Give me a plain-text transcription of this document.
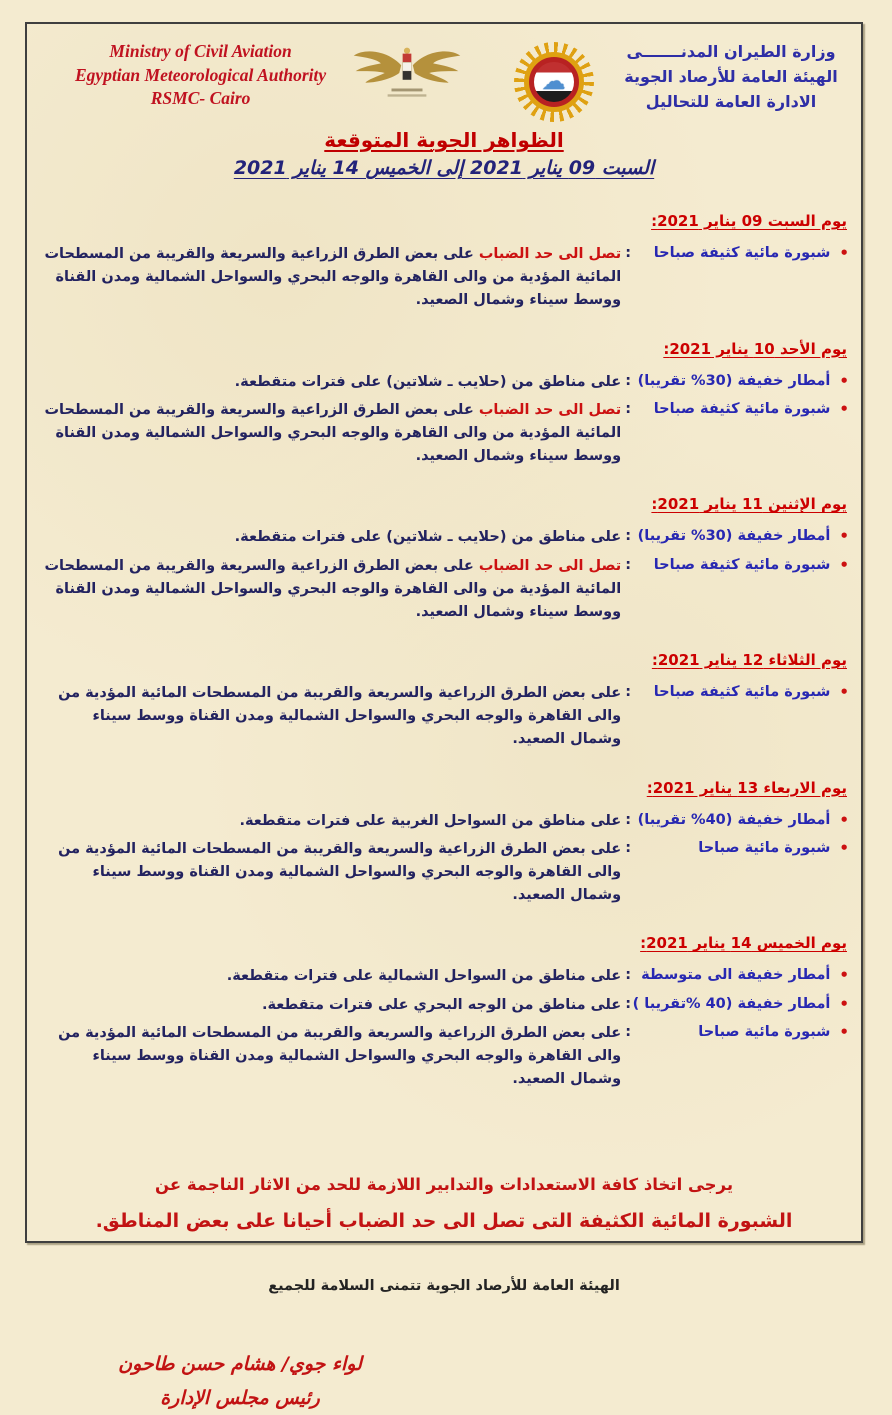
Ministry of Civil Aviation
Egyptian Meteorological Authority
RSMC- Cairo
☁
وزارة الطيران المدنـــــــى
الهيئة العامة للأرصاد الجوية
الادارة العامة للتحاليل
الظواهر الجوية المتوقعة
السبت 09 يناير 2021 إلى الخميس 14 يناير 2021
يوم السبت 09 يناير 2021:
•
شبورة مائية كثيفة صباحا
:
تصل الى حد الضباب على بعض الطرق الزراعية والسريعة والقريبة من المسطحات المائية المؤدية من والى القاهرة والوجه البحري والسواحل الشمالية ومدن القناة ووسط سيناء وشمال الصعيد.
يوم الأحد 10 يناير 2021:
•
أمطار خفيفة (30% تقريبا)
:
على مناطق من (حلايب ـ شلاتين) على فترات متقطعة.
•
شبورة مائية كثيفة صباحا
:
تصل الى حد الضباب على بعض الطرق الزراعية والسريعة والقريبة من المسطحات المائية المؤدية من والى القاهرة والوجه البحري والسواحل الشمالية ومدن القناة ووسط سيناء وشمال الصعيد.
يوم الإثنين 11 يناير 2021:
•
أمطار خفيفة (30% تقريبا)
:
على مناطق من (حلايب ـ شلاتين) على فترات متقطعة.
•
شبورة مائية كثيفة صباحا
:
تصل الى حد الضباب على بعض الطرق الزراعية والسريعة والقريبة من المسطحات المائية المؤدية من والى القاهرة والوجه البحري والسواحل الشمالية ومدن القناة ووسط سيناء وشمال الصعيد.
يوم الثلاثاء 12 يناير 2021:
•
شبورة مائية كثيفة صباحا
:
على بعض الطرق الزراعية والسريعة والقريبة من المسطحات المائية المؤدية من والى القاهرة والوجه البحري والسواحل الشمالية ومدن القناة ووسط سيناء وشمال الصعيد.
يوم الاربعاء 13 يناير 2021:
•
أمطار خفيفة (40% تقريبا)
:
على مناطق من السواحل الغربية على فترات متقطعة.
•
شبورة مائية صباحا
:
على بعض الطرق الزراعية والسريعة والقريبة من المسطحات المائية المؤدية من والى القاهرة والوجه البحري والسواحل الشمالية ومدن القناة ووسط سيناء وشمال الصعيد.
يوم الخميس 14 يناير 2021:
•
أمطار خفيفة الى متوسطة
:
على مناطق من السواحل الشمالية على فترات متقطعة.
•
أمطار خفيفة (40 %تقريبا )
:
على مناطق من الوجه البحري على فترات متقطعة.
•
شبورة مائية صباحا
:
على بعض الطرق الزراعية والسريعة والقريبة من المسطحات المائية المؤدية من والى القاهرة والوجه البحري والسواحل الشمالية ومدن القناة ووسط سيناء وشمال الصعيد.
يرجى اتخاذ كافة الاستعدادات والتدابير اللازمة للحد من الاثار الناجمة عن
الشبورة المائية الكثيفة التى تصل الى حد الضباب أحيانا على بعض المناطق.
الهيئة العامة للأرصاد الجوية تتمنى السلامة للجميع
لواء جوي/ هشام حسن طاحون
رئيس مجلس الإدارة
